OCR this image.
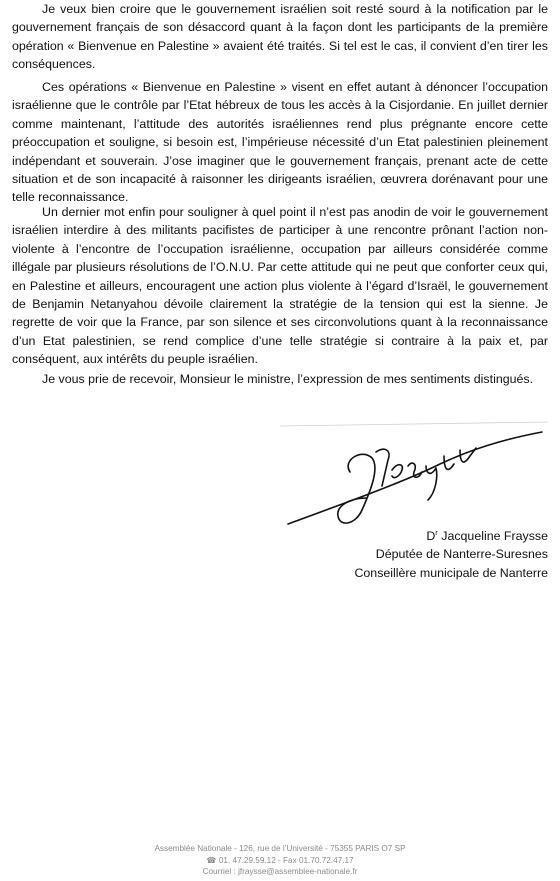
Je veux bien croire que le gouvernement israélien soit resté sourd à la notification par le gouvernement français de son désaccord quant à la façon dont les participants de la première opération « Bienvenue en Palestine » avaient été traités. Si tel est le cas, il convient d’en tirer les conséquences.

Ces opérations « Bienvenue en Palestine » visent en effet autant à dénoncer l’occupation israélienne que le contrôle par l’Etat hébreux de tous les accès à la Cisjordanie. En juillet dernier comme maintenant, l’attitude des autorités israéliennes rend plus prégnante encore cette préoccupation et souligne, si besoin est, l’impérieuse nécessité d’un Etat palestinien pleinement indépendant et souverain. J’ose imaginer que le gouvernement français, prenant acte de cette situation et de son incapacité à raisonner les dirigeants israélien, œuvrera dorénavant pour une telle reconnaissance.

Un dernier mot enfin pour souligner à quel point il n’est pas anodin de voir le gouvernement israélien interdire à des militants pacifistes de participer à une rencontre prônant l’action non-violente à l’encontre de l’occupation israélienne, occupation par ailleurs considérée comme illégale par plusieurs résolutions de l’O.N.U. Par cette attitude qui ne peut que conforter ceux qui, en Palestine et ailleurs, encouragent une action plus violente à l’égard d’Israël, le gouvernement de Benjamin Netanyahou dévoile clairement la stratégie de la tension qui est la sienne. Je regrette de voir que la France, par son silence et ses circonvolutions quant à la reconnaissance d’un Etat palestinien, se rend complice d’une telle stratégie si contraire à la paix et, par conséquent, aux intérêts du peuple israélien.

Je vous prie de recevoir, Monsieur le ministre, l’expression de mes sentiments distingués.

$D^r$ Jacqueline Fraysse
Députée de Nanterre-Suresnes
Conseillère municipale de Nanterre
Assemblée Nationale - 126, rue de l’Université - 75355 PARIS O7 SP
☎ 01. 47.29.59.12 - Fax 01.70.72.47.17
Courriel : jfraysse@assemblee-nationale.fr
